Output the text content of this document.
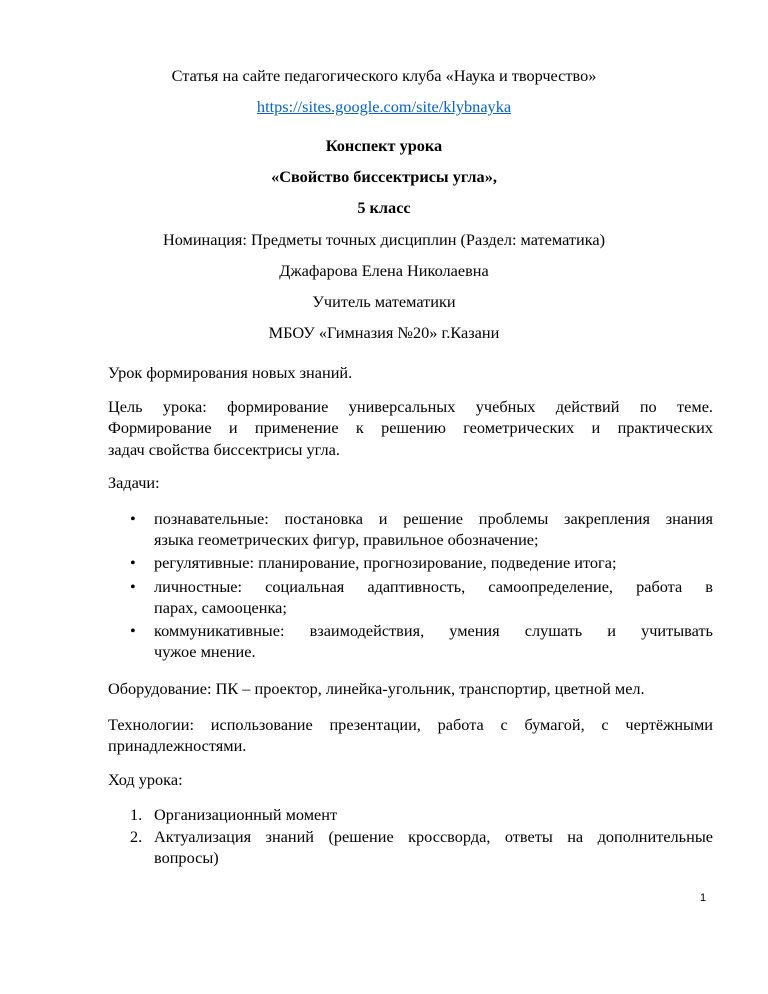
Статья на сайте педагогического клуба «Наука и творчество»
https://sites.google.com/site/klybnayka
Конспект урока
«Свойство биссектрисы угла»,
5 класс
Номинация: Предметы точных дисциплин (Раздел: математика)
Джафарова Елена Николаевна
Учитель математики
МБОУ «Гимназия №20» г.Казани
Урок формирования новых знаний.
Цель урока: формирование универсальных учебных действий по теме.
Формирование и применение к решению геометрических и практических
задач свойства биссектрисы угла.
Задачи:
•	познавательные: постановка и решение проблемы закрепления знания
языка геометрических фигур, правильное обозначение;
•	регулятивные: планирование, прогнозирование, подведение итога;
•	личностные: социальная адаптивность, самоопределение, работа в
парах, самооценка;
•	коммуникативные: взаимодействия, умения слушать и учитывать
чужое мнение.
Оборудование: ПК – проектор, линейка-угольник, транспортир, цветной мел.
Технологии: использование презентации, работа с бумагой, с чертёжными
принадлежностями.
Ход урока:
1. Организационный момент
2. Актуализация знаний (решение кроссворда, ответы на дополнительные
вопросы)
1
